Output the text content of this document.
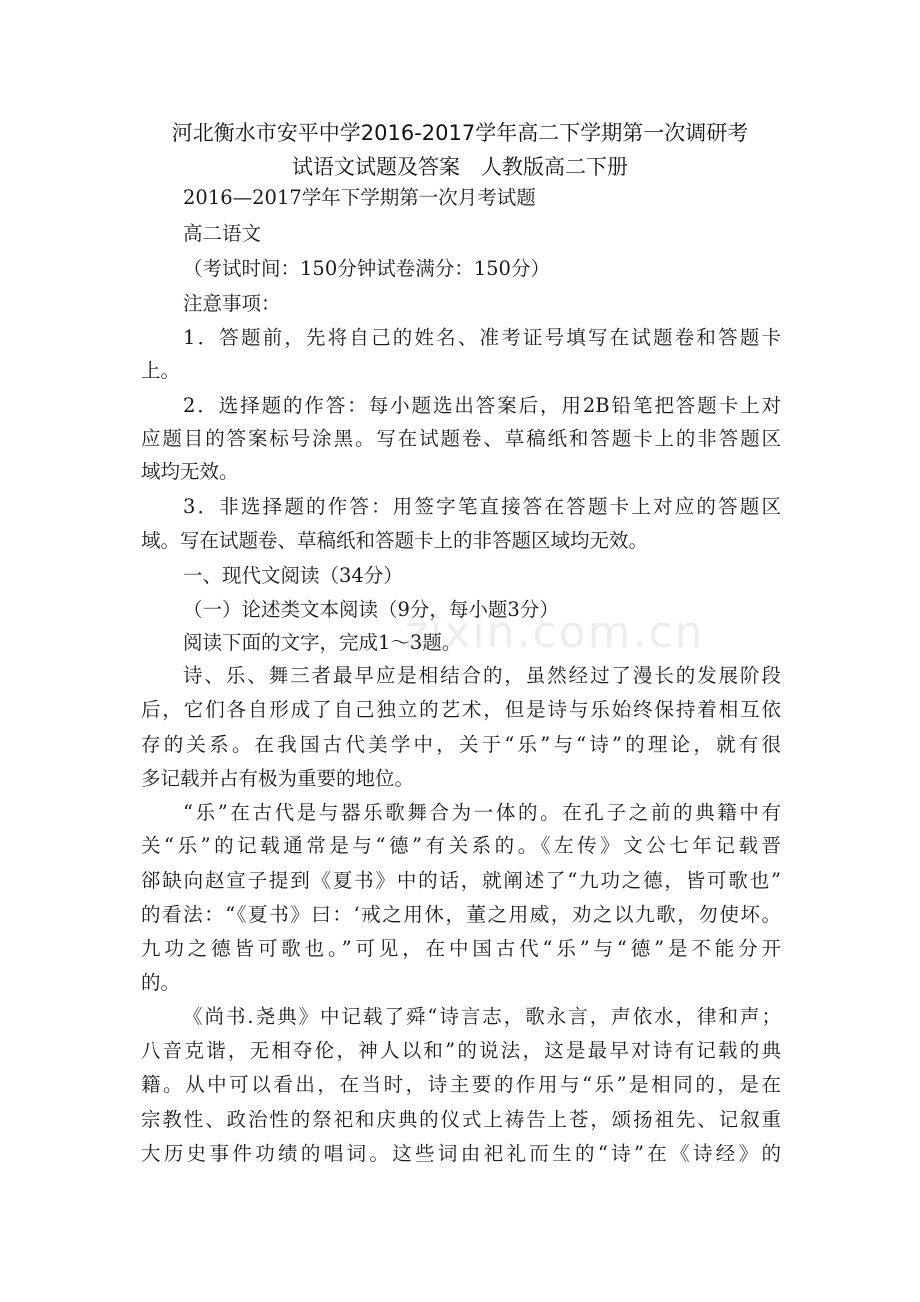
河北衡水市安平中学2016-2017学年高二下学期第一次调研考
试语文试题及答案　人教版高二下册
2016—2017学年下学期第一次月考试题
高二语文
（考试时间：150分钟试卷满分：150分）
注意事项：
1．答题前，先将自己的姓名、准考证号填写在试题卷和答题卡
上。
2．选择题的作答：每小题选出答案后，用2B铅笔把答题卡上对
应题目的答案标号涂黑。写在试题卷、草稿纸和答题卡上的非答题区
域均无效。
3．非选择题的作答：用签字笔直接答在答题卡上对应的答题区
域。写在试题卷、草稿纸和答题卡上的非答题区域均无效。
一、现代文阅读（34分）
（一）论述类文本阅读（9分，每小题3分）
阅读下面的文字，完成1～3题。
诗、乐、舞三者最早应是相结合的，虽然经过了漫长的发展阶段
后，它们各自形成了自己独立的艺术，但是诗与乐始终保持着相互依
存的关系。在我国古代美学中，关于“乐”与“诗”的理论，就有很
多记载并占有极为重要的地位。
“乐”在古代是与器乐歌舞合为一体的。在孔子之前的典籍中有
关“乐”的记载通常是与“德”有关系的。《左传》文公七年记载晋
郤缺向赵宣子提到《夏书》中的话，就阐述了“九功之德，皆可歌也”
的看法：“《夏书》曰：‘戒之用休，董之用威，劝之以九歌，勿使坏。
九功之德皆可歌也。”可见，在中国古代“乐”与“德”是不能分开
的。
《尚书.尧典》中记载了舜“诗言志，歌永言，声依水，律和声；
八音克谐，无相夺伦，神人以和”的说法，这是最早对诗有记载的典
籍。从中可以看出，在当时，诗主要的作用与“乐”是相同的，是在
宗教性、政治性的祭祀和庆典的仪式上祷告上苍，颂扬祖先、记叙重
大历史事件功绩的唱词。这些词由祀礼而生的“诗”在《诗经》的
zixin.com.cn
